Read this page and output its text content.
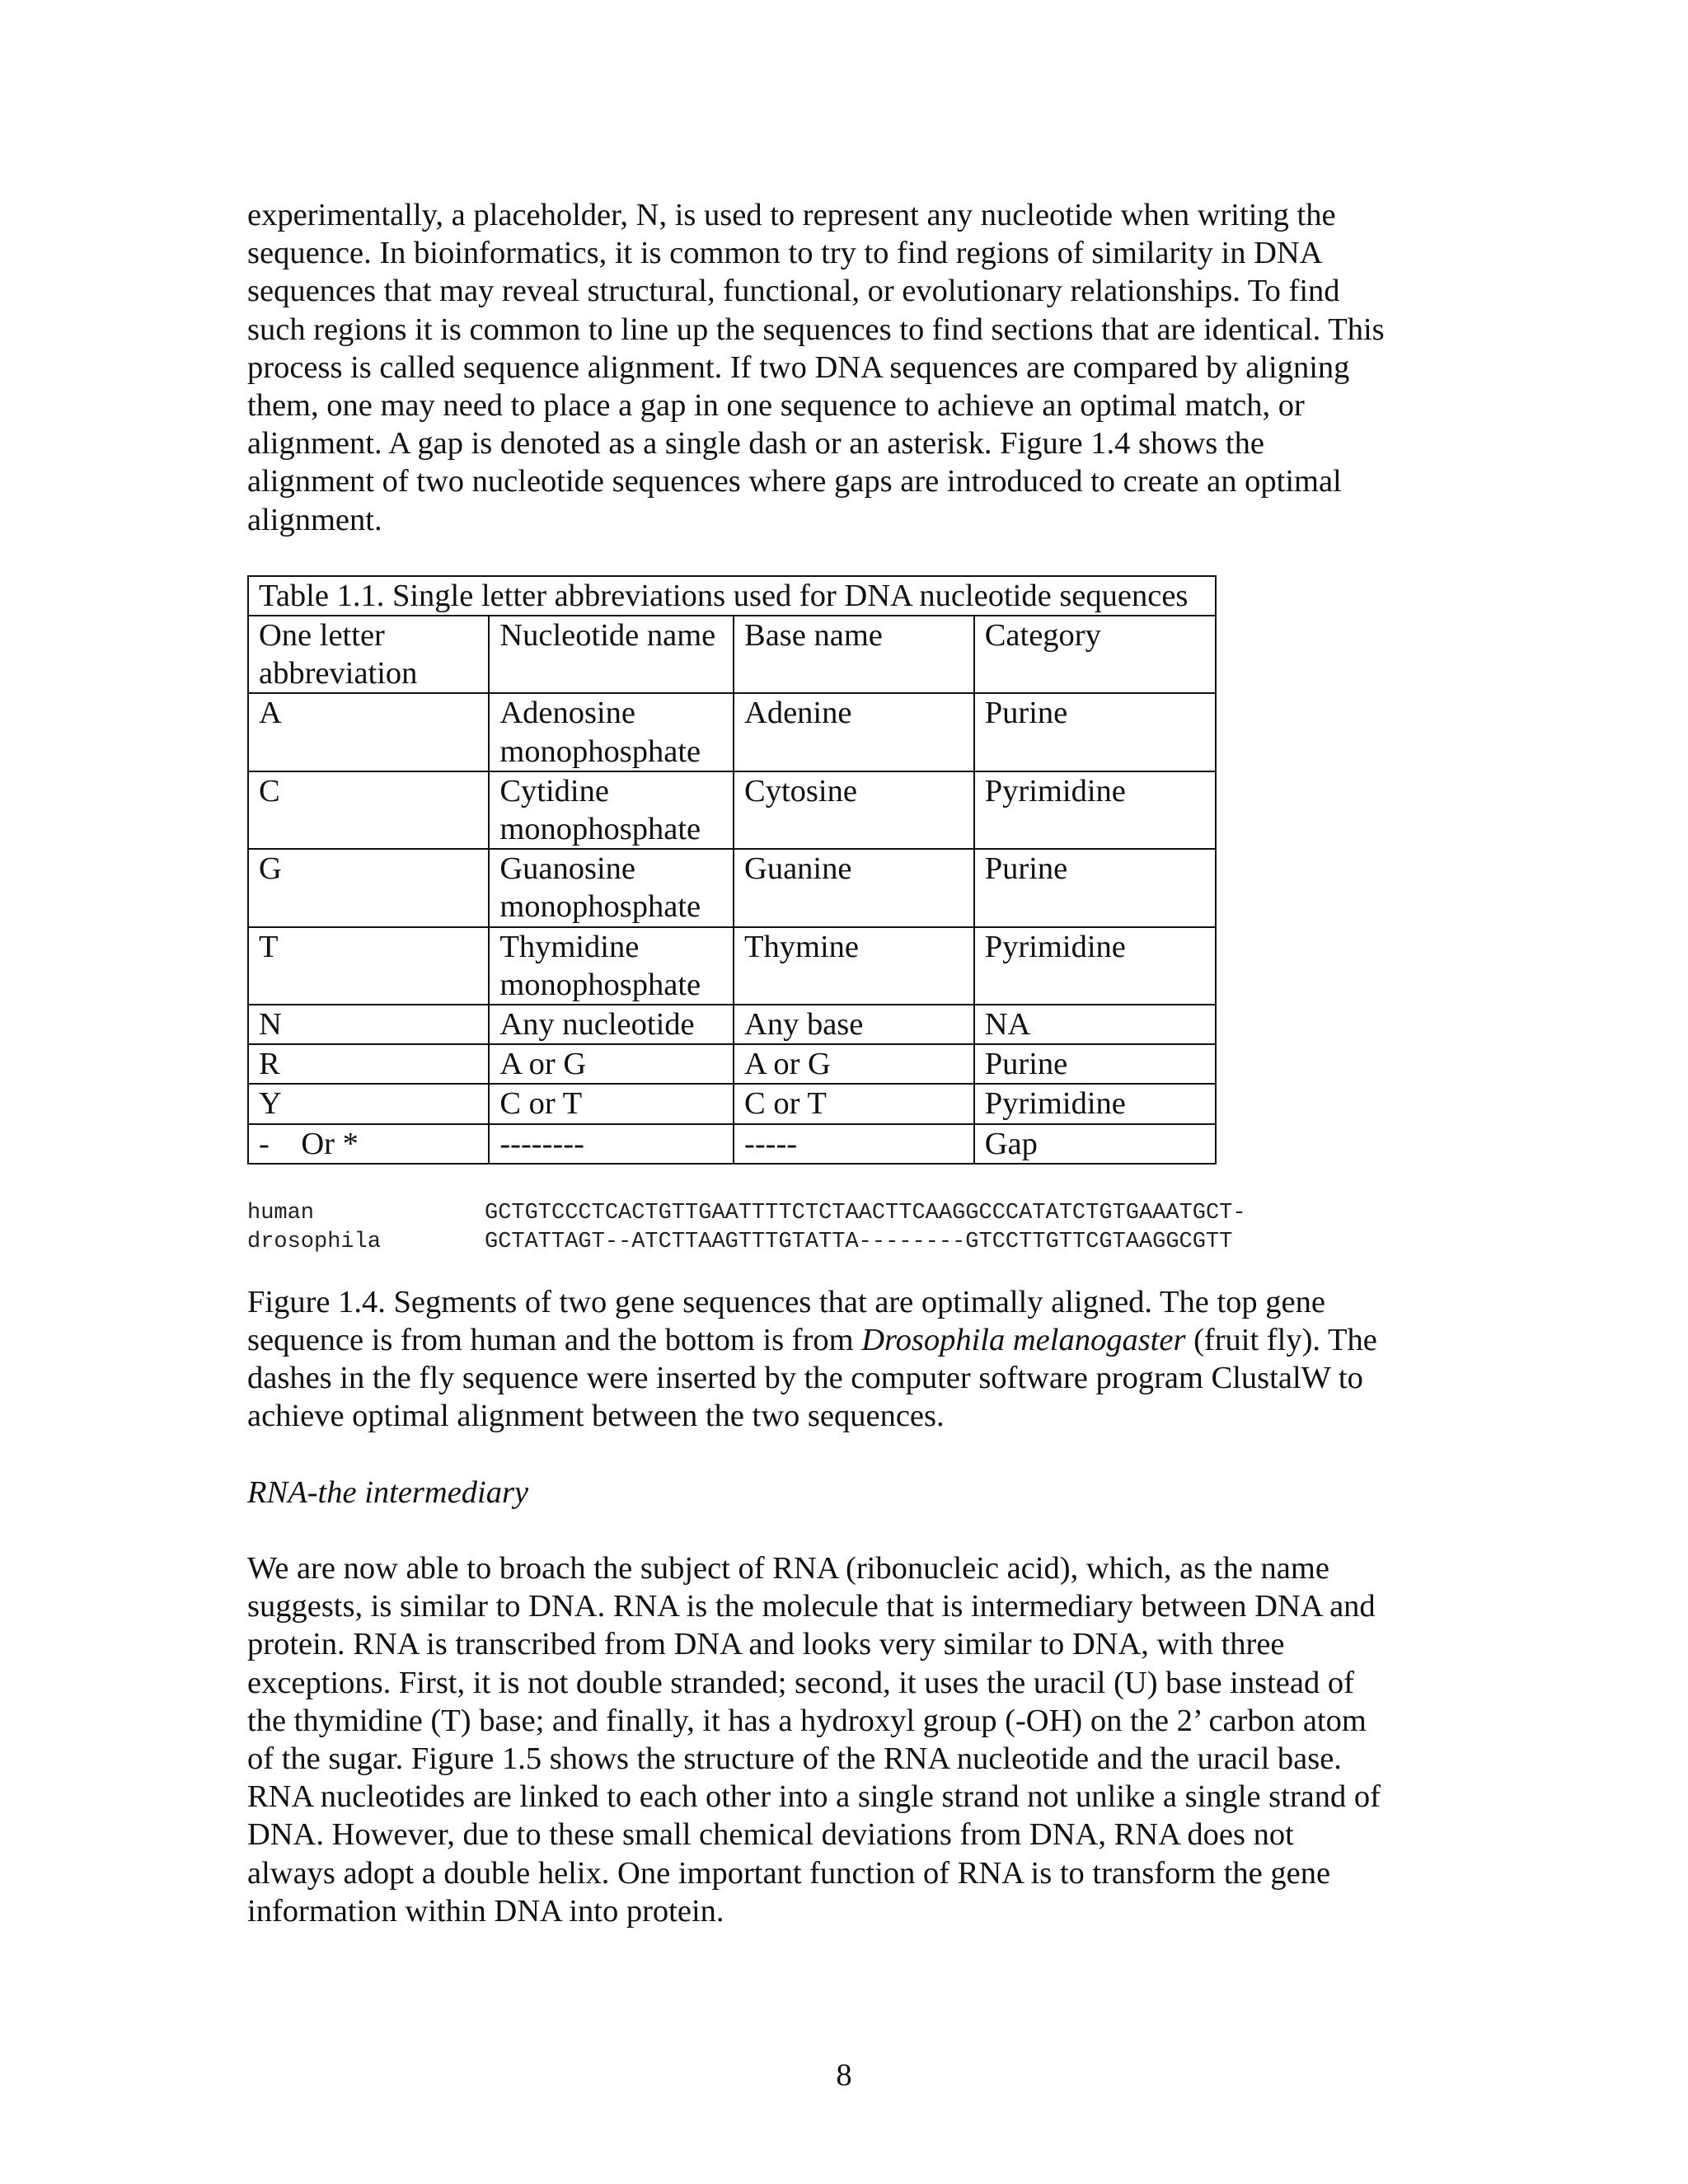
experimentally, a placeholder, N, is used to represent any nucleotide when writing the
sequence. In bioinformatics, it is common to try to find regions of similarity in DNA
sequences that may reveal structural, functional, or evolutionary relationships. To find
such regions it is common to line up the sequences to find sections that are identical. This
process is called sequence alignment. If two DNA sequences are compared by aligning
them, one may need to place a gap in one sequence to achieve an optimal match, or
alignment. A gap is denoted as a single dash or an asterisk. Figure 1.4 shows the
alignment of two nucleotide sequences where gaps are introduced to create an optimal
alignment.

Table 1.1. Single letter abbreviations used for DNA nucleotide sequences			
One letter abbreviation	Nucleotide name	Base name	Category
A	Adenosine monophosphate	Adenine	Purine
C	Cytidine monophosphate	Cytosine	Pyrimidine
G	Guanosine monophosphate	Guanine	Purine
T	Thymidine monophosphate	Thymine	Pyrimidine
N	Any nucleotide	Any base	NA
R	A or G	A or G	Purine
Y	C or T	C or T	Pyrimidine
-    Or *	--------	-----	Gap
human	GCTGTCCCTCACTGTTGAATTTTCTCTAACTTCAAGGCCCATATCTGTGAAATGCT-
drosophila	GCTATTAGT--ATCTTAAGTTTGTATTA--------GTCCTTGTTCGTAAGGCGTT

Figure 1.4. Segments of two gene sequences that are optimally aligned. The top gene
sequence is from human and the bottom is from Drosophila melanogaster (fruit fly). The
dashes in the fly sequence were inserted by the computer software program ClustalW to
achieve optimal alignment between the two sequences.

RNA-the intermediary

We are now able to broach the subject of RNA (ribonucleic acid), which, as the name
suggests, is similar to DNA. RNA is the molecule that is intermediary between DNA and
protein. RNA is transcribed from DNA and looks very similar to DNA, with three
exceptions. First, it is not double stranded; second, it uses the uracil (U) base instead of
the thymidine (T) base; and finally, it has a hydroxyl group (-OH) on the 2’ carbon atom
of the sugar. Figure 1.5 shows the structure of the RNA nucleotide and the uracil base.
RNA nucleotides are linked to each other into a single strand not unlike a single strand of
DNA. However, due to these small chemical deviations from DNA, RNA does not
always adopt a double helix. One important function of RNA is to transform the gene
information within DNA into protein.

8
